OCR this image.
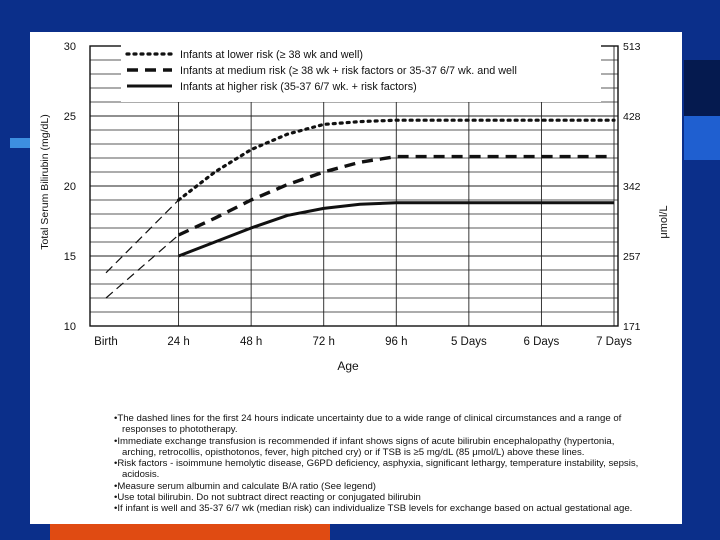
Infants at lower risk (≥ 38 wk and well)
Infants at medium risk (≥ 38 wk + risk factors or 35-37 6/7 wk. and well
Infants at higher risk (35-37 6/7 wk. + risk factors)
10
15
20
25
30
171
257
342
428
513
Birth	24 h	48 h	72 h	96 h	5 Days	6 Days	7 Days
Total Serum Bilirubin (mg/dL)	μmol/L
Age

• The dashed lines for the first 24 hours indicate uncertainty due to a wide range of clinical circumstances and a range of responses to phototherapy.

• Immediate exchange transfusion is recommended if infant shows signs of acute bilirubin encephalopathy (hypertonia, arching, retrocollis, opisthotonos, fever, high pitched cry) or if TSB is ≥5 mg/dL (85 μmol/L) above these lines.

• Risk factors - isoimmune hemolytic disease, G6PD deficiency, asphyxia, significant lethargy, temperature instability, sepsis, acidosis.

• Measure serum albumin and calculate B/A ratio (See legend)

• Use total bilirubin. Do not subtract direct reacting or conjugated bilirubin

• If infant is well and 35-37 6/7 wk (median risk) can individualize TSB levels for exchange based on actual gestational age.
